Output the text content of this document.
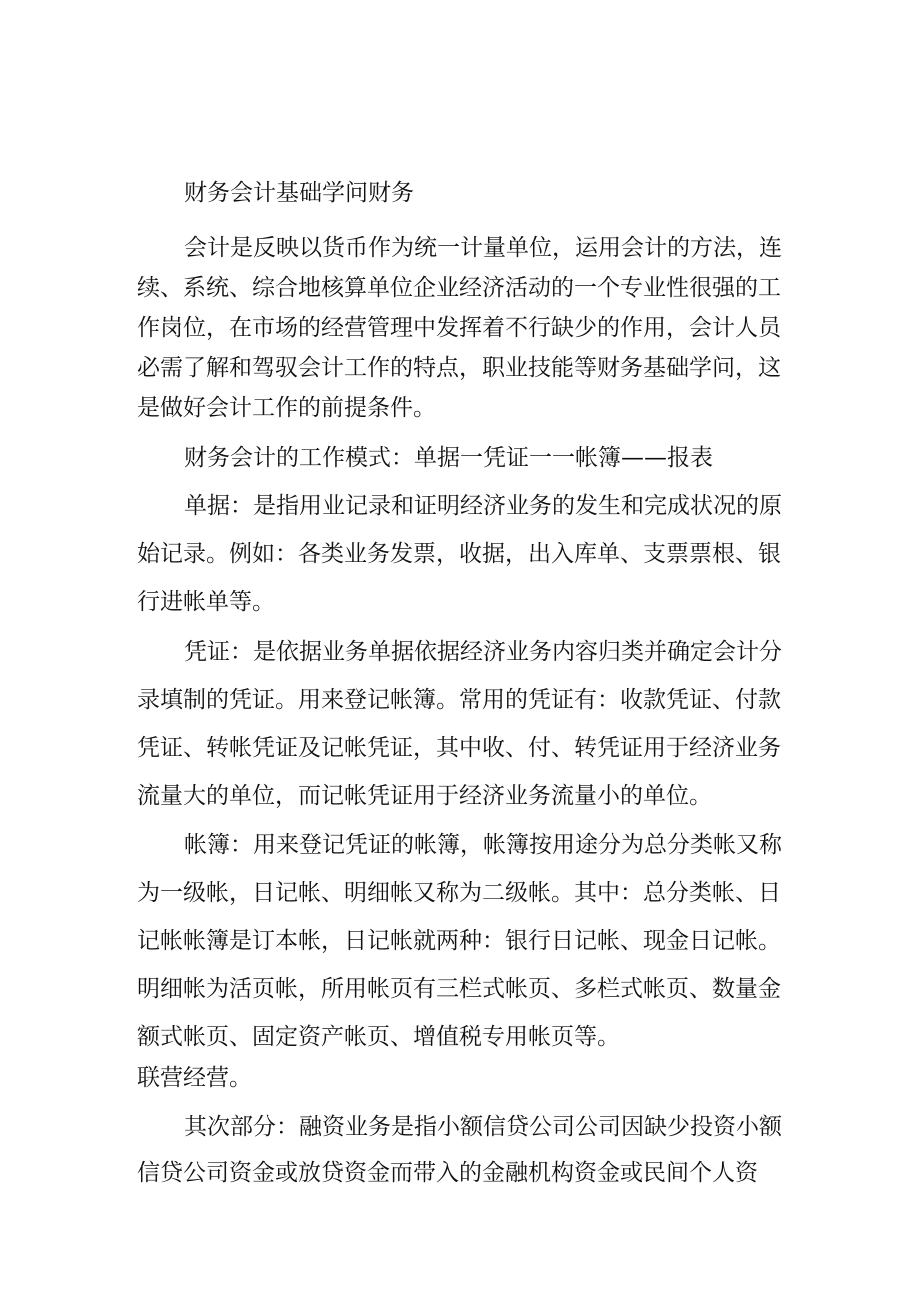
财务会计基础学问财务

会计是反映以货币作为统一计量单位，运用会计的方法，连

续、系统、综合地核算单位企业经济活动的一个专业性很强的工

作岗位，在市场的经营管理中发挥着不行缺少的作用，会计人员

必需了解和驾驭会计工作的特点，职业技能等财务基础学问，这

是做好会计工作的前提条件。

财务会计的工作模式：单据一凭证一一帐簿——报表

单据：是指用业记录和证明经济业务的发生和完成状况的原

始记录。例如：各类业务发票，收据，出入库单、支票票根、银

行进帐单等。

凭证：是依据业务单据依据经济业务内容归类并确定会计分

录填制的凭证。用来登记帐簿。常用的凭证有：收款凭证、付款

凭证、转帐凭证及记帐凭证，其中收、付、转凭证用于经济业务

流量大的单位，而记帐凭证用于经济业务流量小的单位。

帐簿：用来登记凭证的帐簿，帐簿按用途分为总分类帐又称

为一级帐，日记帐、明细帐又称为二级帐。其中：总分类帐、日

记帐帐簿是订本帐，日记帐就两种：银行日记帐、现金日记帐。

明细帐为活页帐，所用帐页有三栏式帐页、多栏式帐页、数量金

额式帐页、固定资产帐页、增值税专用帐页等。

联营经营。

其次部分：融资业务是指小额信贷公司公司因缺少投资小额

信贷公司资金或放贷资金而带入的金融机构资金或民间个人资
